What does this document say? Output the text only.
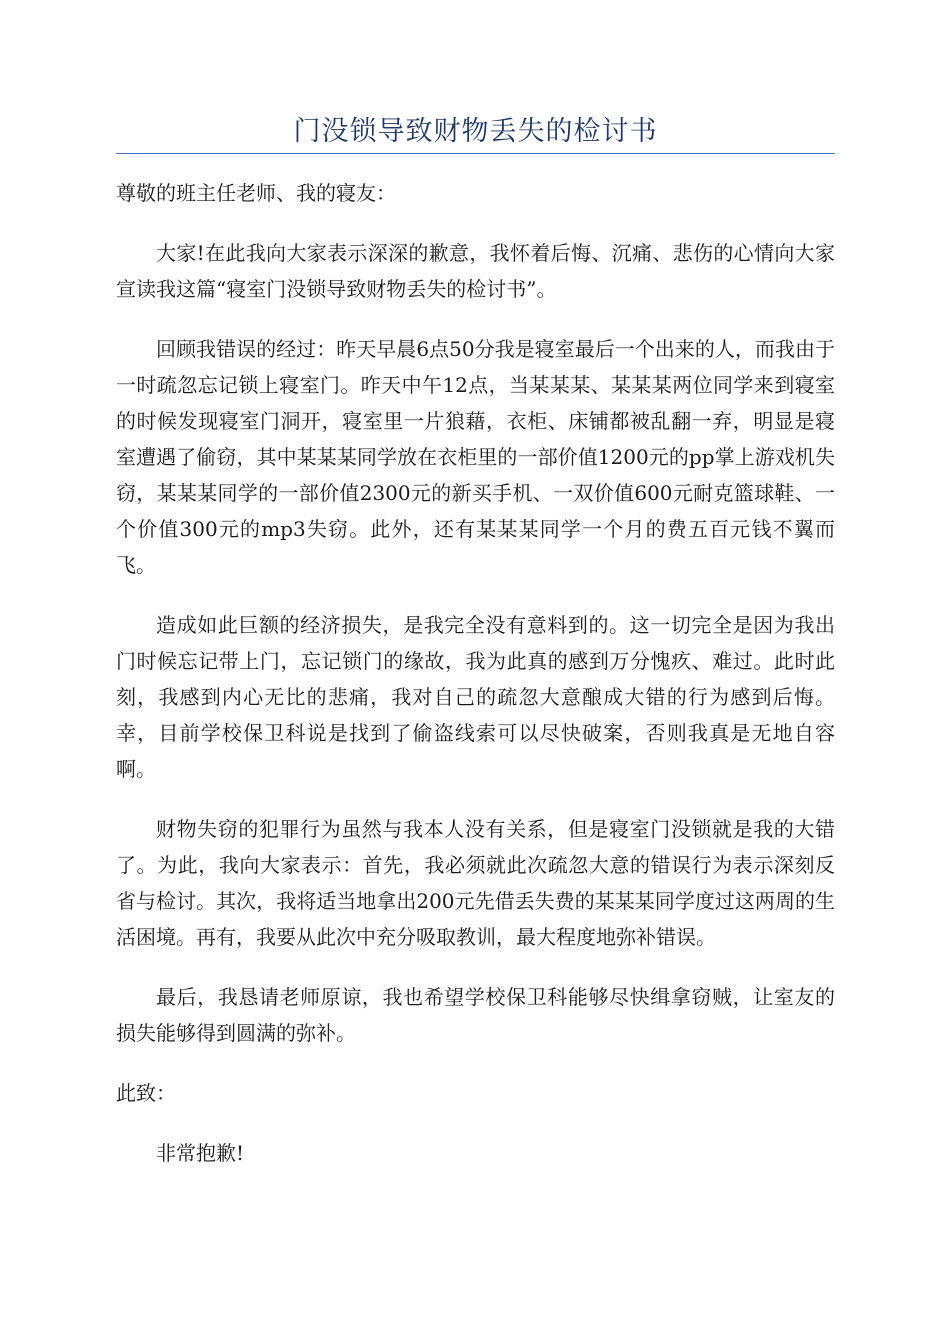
门没锁导致财物丢失的检讨书

尊敬的班主任老师、我的寝友：

大家!在此我向大家表示深深的歉意，我怀着后悔、沉痛、悲伤的心情向大家宣读我这篇“寝室门没锁导致财物丢失的检讨书”。

回顾我错误的经过：昨天早晨6点50分我是寝室最后一个出来的人，而我由于一时疏忽忘记锁上寝室门。昨天中午12点，当某某某、某某某两位同学来到寝室的时候发现寝室门洞开，寝室里一片狼藉，衣柜、床铺都被乱翻一弃，明显是寝室遭遇了偷窃，其中某某某同学放在衣柜里的一部价值1200元的pp掌上游戏机失窃，某某某同学的一部价值2300元的新买手机、一双价值600元耐克篮球鞋、一个价值300元的mp3失窃。此外，还有某某某同学一个月的费五百元钱不翼而飞。

造成如此巨额的经济损失，是我完全没有意料到的。这一切完全是因为我出门时候忘记带上门，忘记锁门的缘故，我为此真的感到万分愧疚、难过。此时此刻，我感到内心无比的悲痛，我对自己的疏忽大意酿成大错的行为感到后悔。幸，目前学校保卫科说是找到了偷盗线索可以尽快破案，否则我真是无地自容啊。

财物失窃的犯罪行为虽然与我本人没有关系，但是寝室门没锁就是我的大错了。为此，我向大家表示：首先，我必须就此次疏忽大意的错误行为表示深刻反省与检讨。其次，我将适当地拿出200元先借丢失费的某某某同学度过这两周的生活困境。再有，我要从此次中充分吸取教训，最大程度地弥补错误。

最后，我恳请老师原谅，我也希望学校保卫科能够尽快缉拿窃贼，让室友的损失能够得到圆满的弥补。

此致：

非常抱歉!
